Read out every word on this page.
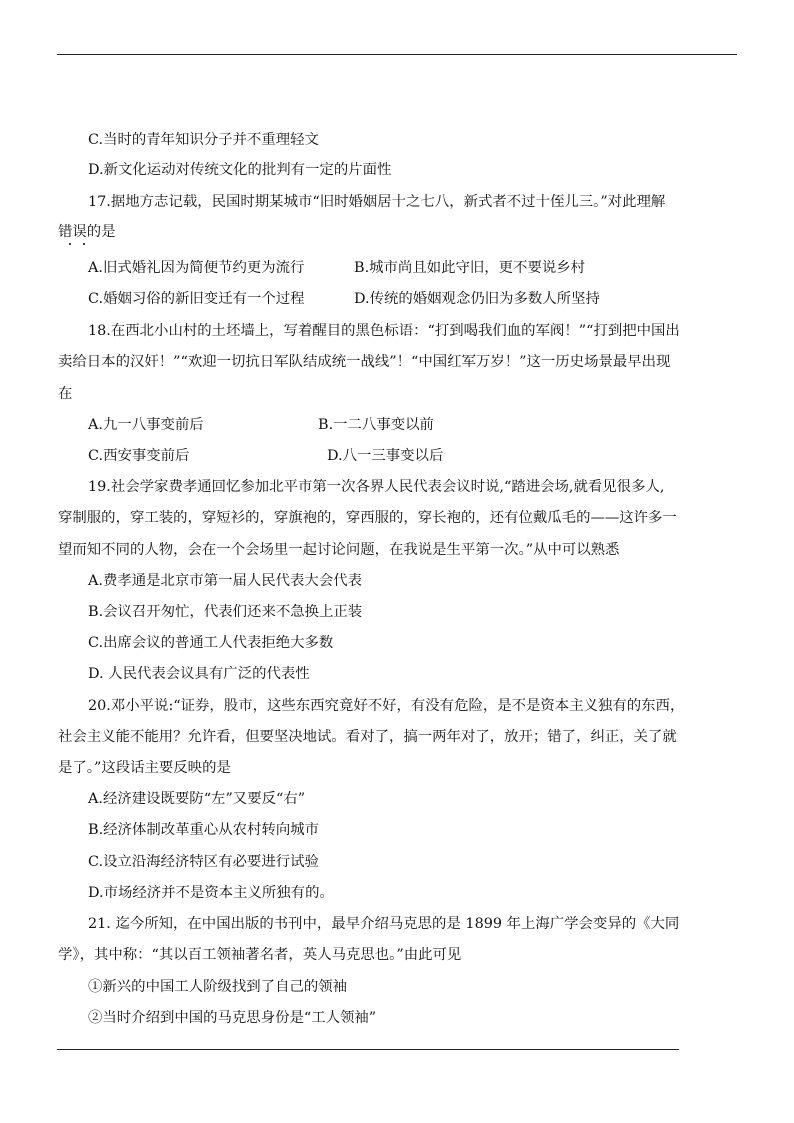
C.当时的青年知识分子并不重理轻文
D.新文化运动对传统文化的批判有一定的片面性
17.据地方志记载，民国时期某城市“旧时婚姻居十之七八，新式者不过十侄儿三。”对此理解
错误的是
A.旧式婚礼因为简便节约更为流行	B.城市尚且如此守旧，更不要说乡村
C.婚姻习俗的新旧变迁有一个过程	D.传统的婚姻观念仍旧为多数人所坚持
18.在西北小山村的土坯墙上，写着醒目的黑色标语：“打到喝我们血的军阀！”“打到把中国出
卖给日本的汉奸！”“欢迎一切抗日军队结成统一战线”！“中国红军万岁！”这一历史场景最早出现
在
A.九一八事变前后	B.一二八事变以前
C.西安事变前后	D.八一三事变以后
19.社会学家费孝通回忆参加北平市第一次各界人民代表会议时说,“踏进会场,就看见很多人,
穿制服的，穿工装的，穿短衫的，穿旗袍的，穿西服的，穿长袍的，还有位戴瓜毛的——这许多一
望而知不同的人物，会在一个会场里一起讨论问题，在我说是生平第一次。”从中可以熟悉
A.费孝通是北京市第一届人民代表大会代表
B.会议召开匆忙，代表们还来不急换上正装
C.出席会议的普通工人代表拒绝大多数
D. 人民代表会议具有广泛的代表性
20.邓小平说:“证券，股市，这些东西究竟好不好，有没有危险，是不是资本主义独有的东西，
社会主义能不能用？允许看，但要坚决地试。看对了，搞一两年对了，放开；错了，纠正，关了就
是了。”这段话主要反映的是
A.经济建设既要防“左”又要反“右”
B.经济体制改革重心从农村转向城市
C.设立沿海经济特区有必要进行试验
D.市场经济并不是资本主义所独有的。
21. 迄今所知，在中国出版的书刊中，最早介绍马克思的是 1899 年上海广学会变异的《大同
学》，其中称：“其以百工领袖著名者，英人马克思也。”由此可见
①新兴的中国工人阶级找到了自己的领袖
②当时介绍到中国的马克思身份是“工人领袖”
